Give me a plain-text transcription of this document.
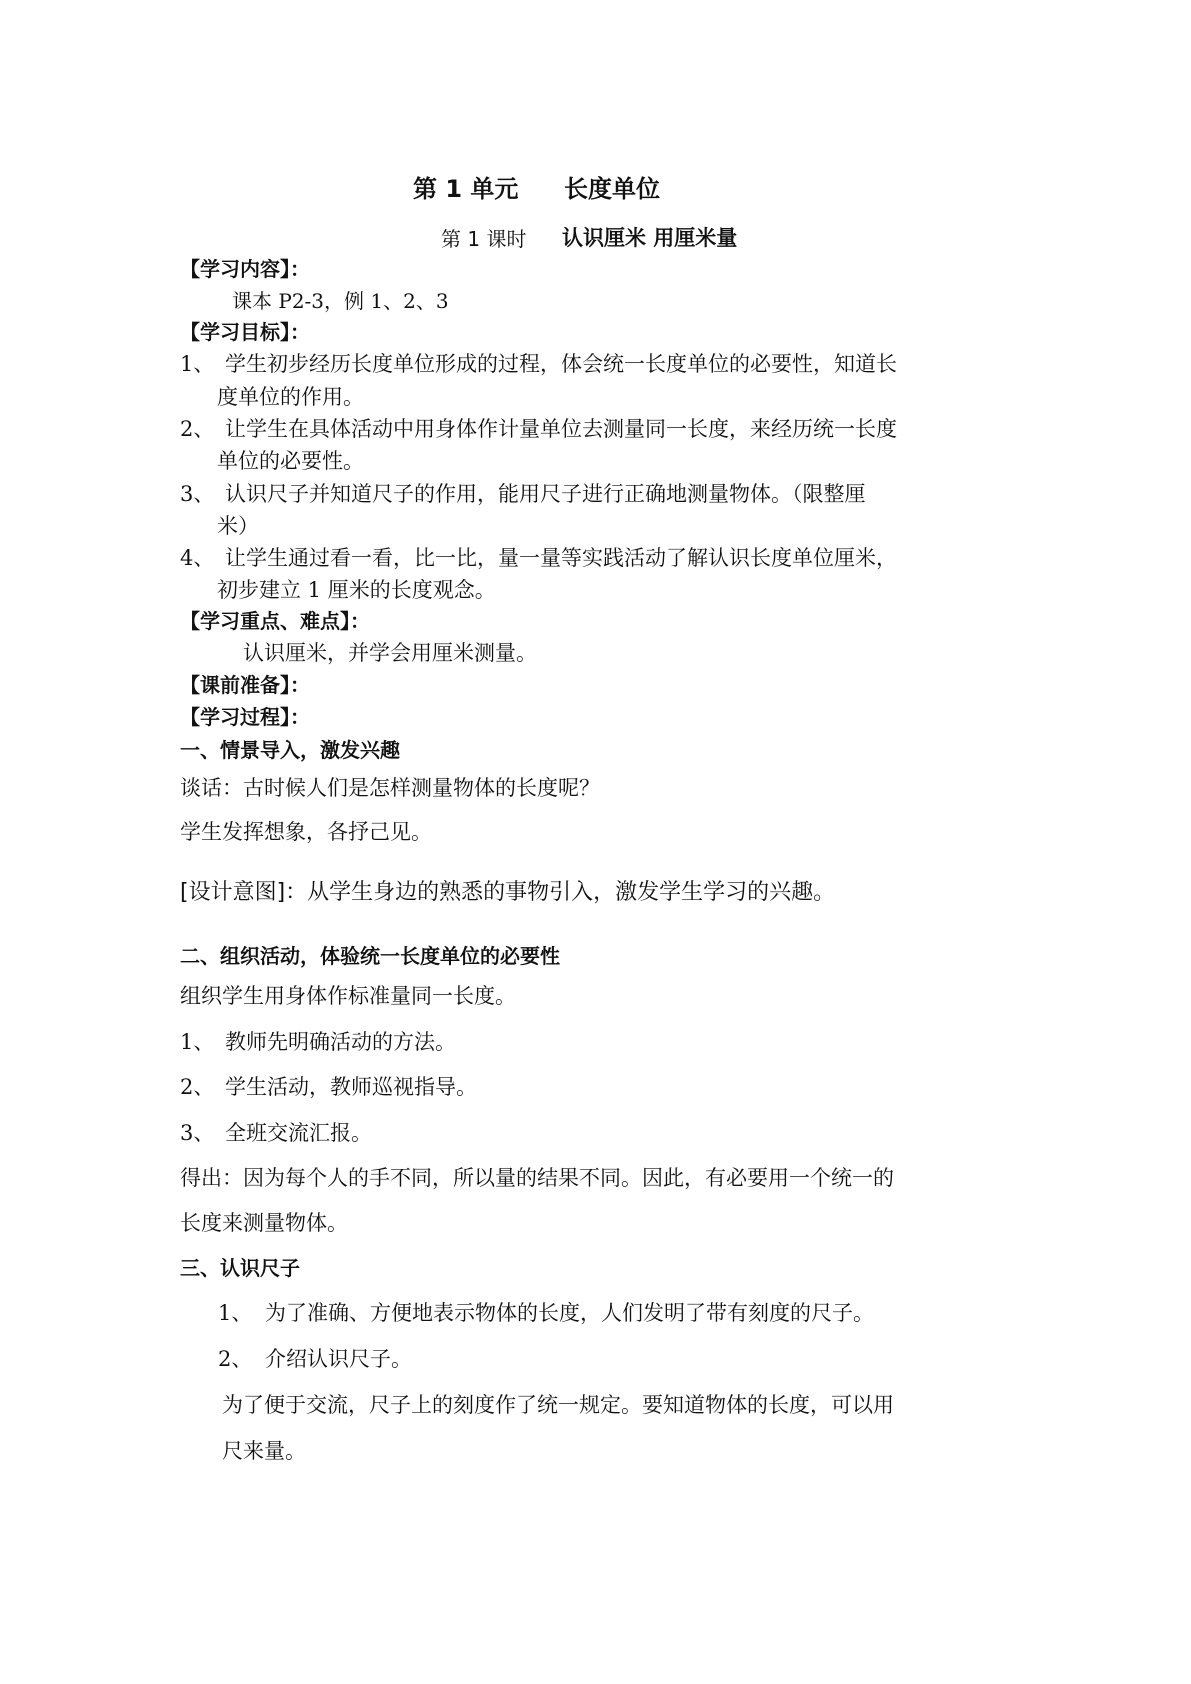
第 1 单元 长度单位
第 1 课时 认识厘米 用厘米量
【学习内容】：
课本 P2-3，例 1、2、3
【学习目标】：
1、 学生初步经历长度单位形成的过程，体会统一长度单位的必要性，知道长
度单位的作用。
2、 让学生在具体活动中用身体作计量单位去测量同一长度，来经历统一长度
单位的必要性。
3、 认识尺子并知道尺子的作用，能用尺子进行正确地测量物体。（限整厘
米）
4、 让学生通过看一看，比一比，量一量等实践活动了解认识长度单位厘米，
初步建立 1 厘米的长度观念。
【学习重点、难点】：
认识厘米，并学会用厘米测量。
【课前准备】：
【学习过程】：
一、情景导入，激发兴趣
谈话：古时候人们是怎样测量物体的长度呢？
学生发挥想象，各抒己见。
[设计意图]：从学生身边的熟悉的事物引入，激发学生学习的兴趣。
二、组织活动，体验统一长度单位的必要性
组织学生用身体作标准量同一长度。
1、 教师先明确活动的方法。
2、 学生活动，教师巡视指导。
3、 全班交流汇报。
得出：因为每个人的手不同，所以量的结果不同。因此，有必要用一个统一的
长度来测量物体。
三、认识尺子
1、 为了准确、方便地表示物体的长度，人们发明了带有刻度的尺子。
2、 介绍认识尺子。
为了便于交流，尺子上的刻度作了统一规定。要知道物体的长度，可以用
尺来量。
